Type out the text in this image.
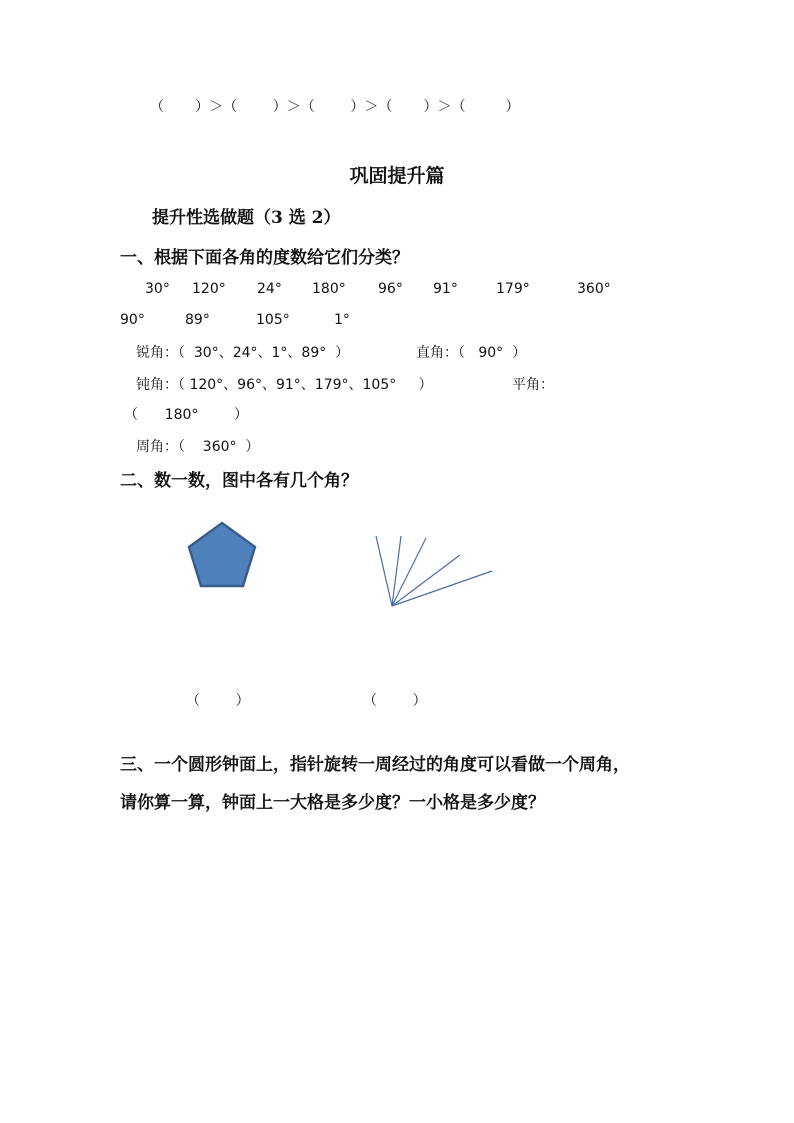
（       ）＞（        ）＞（        ）＞（       ）＞（         ）
巩固提升篇
提升性选做题（3 选 2）
一、根据下面各角的度数给它们分类？
30° 120° 24° 180° 96° 91°	179°	360°
90°	89°	105°	1°
锐角：（  30°、24°、1°、89°  ）	直角：（   90°  ）
钝角：（ 120°、96°、91°、179°、105°     ）	平角：
（      180°        ）
周角：（    360°  ）
二、数一数，图中各有几个角？
（        ）	（        ）
三、一个圆形钟面上，指针旋转一周经过的角度可以看做一个周角，
请你算一算，钟面上一大格是多少度？一小格是多少度？
